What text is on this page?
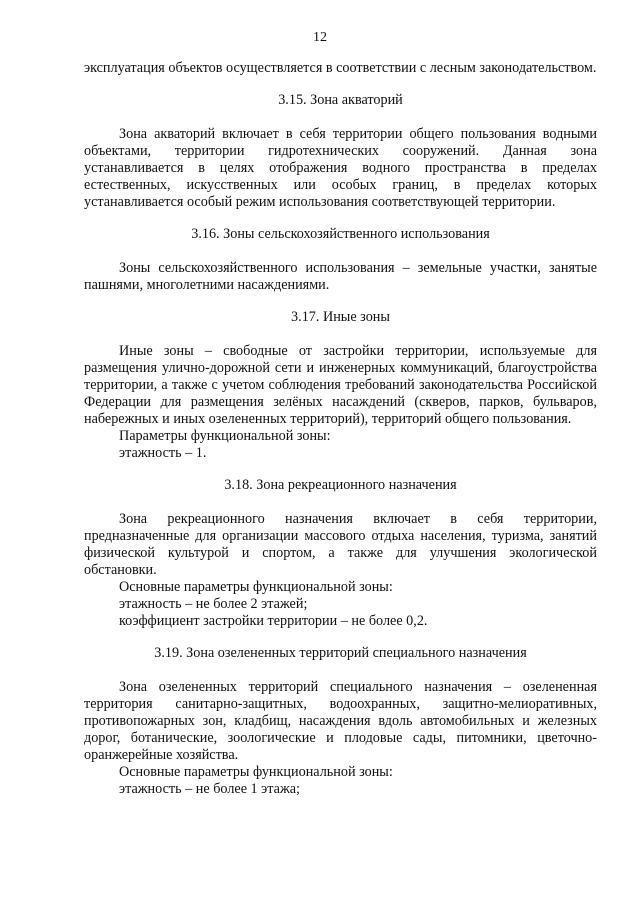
12

эксплуатация объектов осуществляется в соответствии с лесным законодательством.

3.15. Зона акваторий

Зона акваторий включает в себя территории общего пользования водными объектами, территории гидротехнических сооружений. Данная зона устанавливается в целях отображения водного пространства в пределах естественных, искусственных или особых границ, в пределах которых устанавливается особый режим использования соответствующей территории.

3.16. Зоны сельскохозяйственного использования

Зоны сельскохозяйственного использования – земельные участки, занятые пашнями, многолетними насаждениями.

3.17. Иные зоны

Иные зоны – свободные от застройки территории, используемые для размещения улично-дорожной сети и инженерных коммуникаций, благоустройства территории, а также с учетом соблюдения требований законодательства Российской Федерации для размещения зелёных насаждений (скверов, парков, бульваров, набережных и иных озелененных территорий), территорий общего пользования.

Параметры функциональной зоны:

этажность – 1.

3.18. Зона рекреационного назначения

Зона рекреационного назначения включает в себя территории, предназначенные для организации массового отдыха населения, туризма, занятий физической культурой и спортом, а также для улучшения экологической обстановки.

Основные параметры функциональной зоны:

этажность – не более 2 этажей;

коэффициент застройки территории – не более 0,2.

3.19. Зона озелененных территорий специального назначения

Зона озелененных территорий специального назначения – озелененная территория санитарно-защитных, водоохранных, защитно-мелиоративных, противопожарных зон, кладбищ, насаждения вдоль автомобильных и железных дорог, ботанические, зоологические и плодовые сады, питомники, цветочно-оранжерейные хозяйства.

Основные параметры функциональной зоны:

этажность – не более 1 этажа;
